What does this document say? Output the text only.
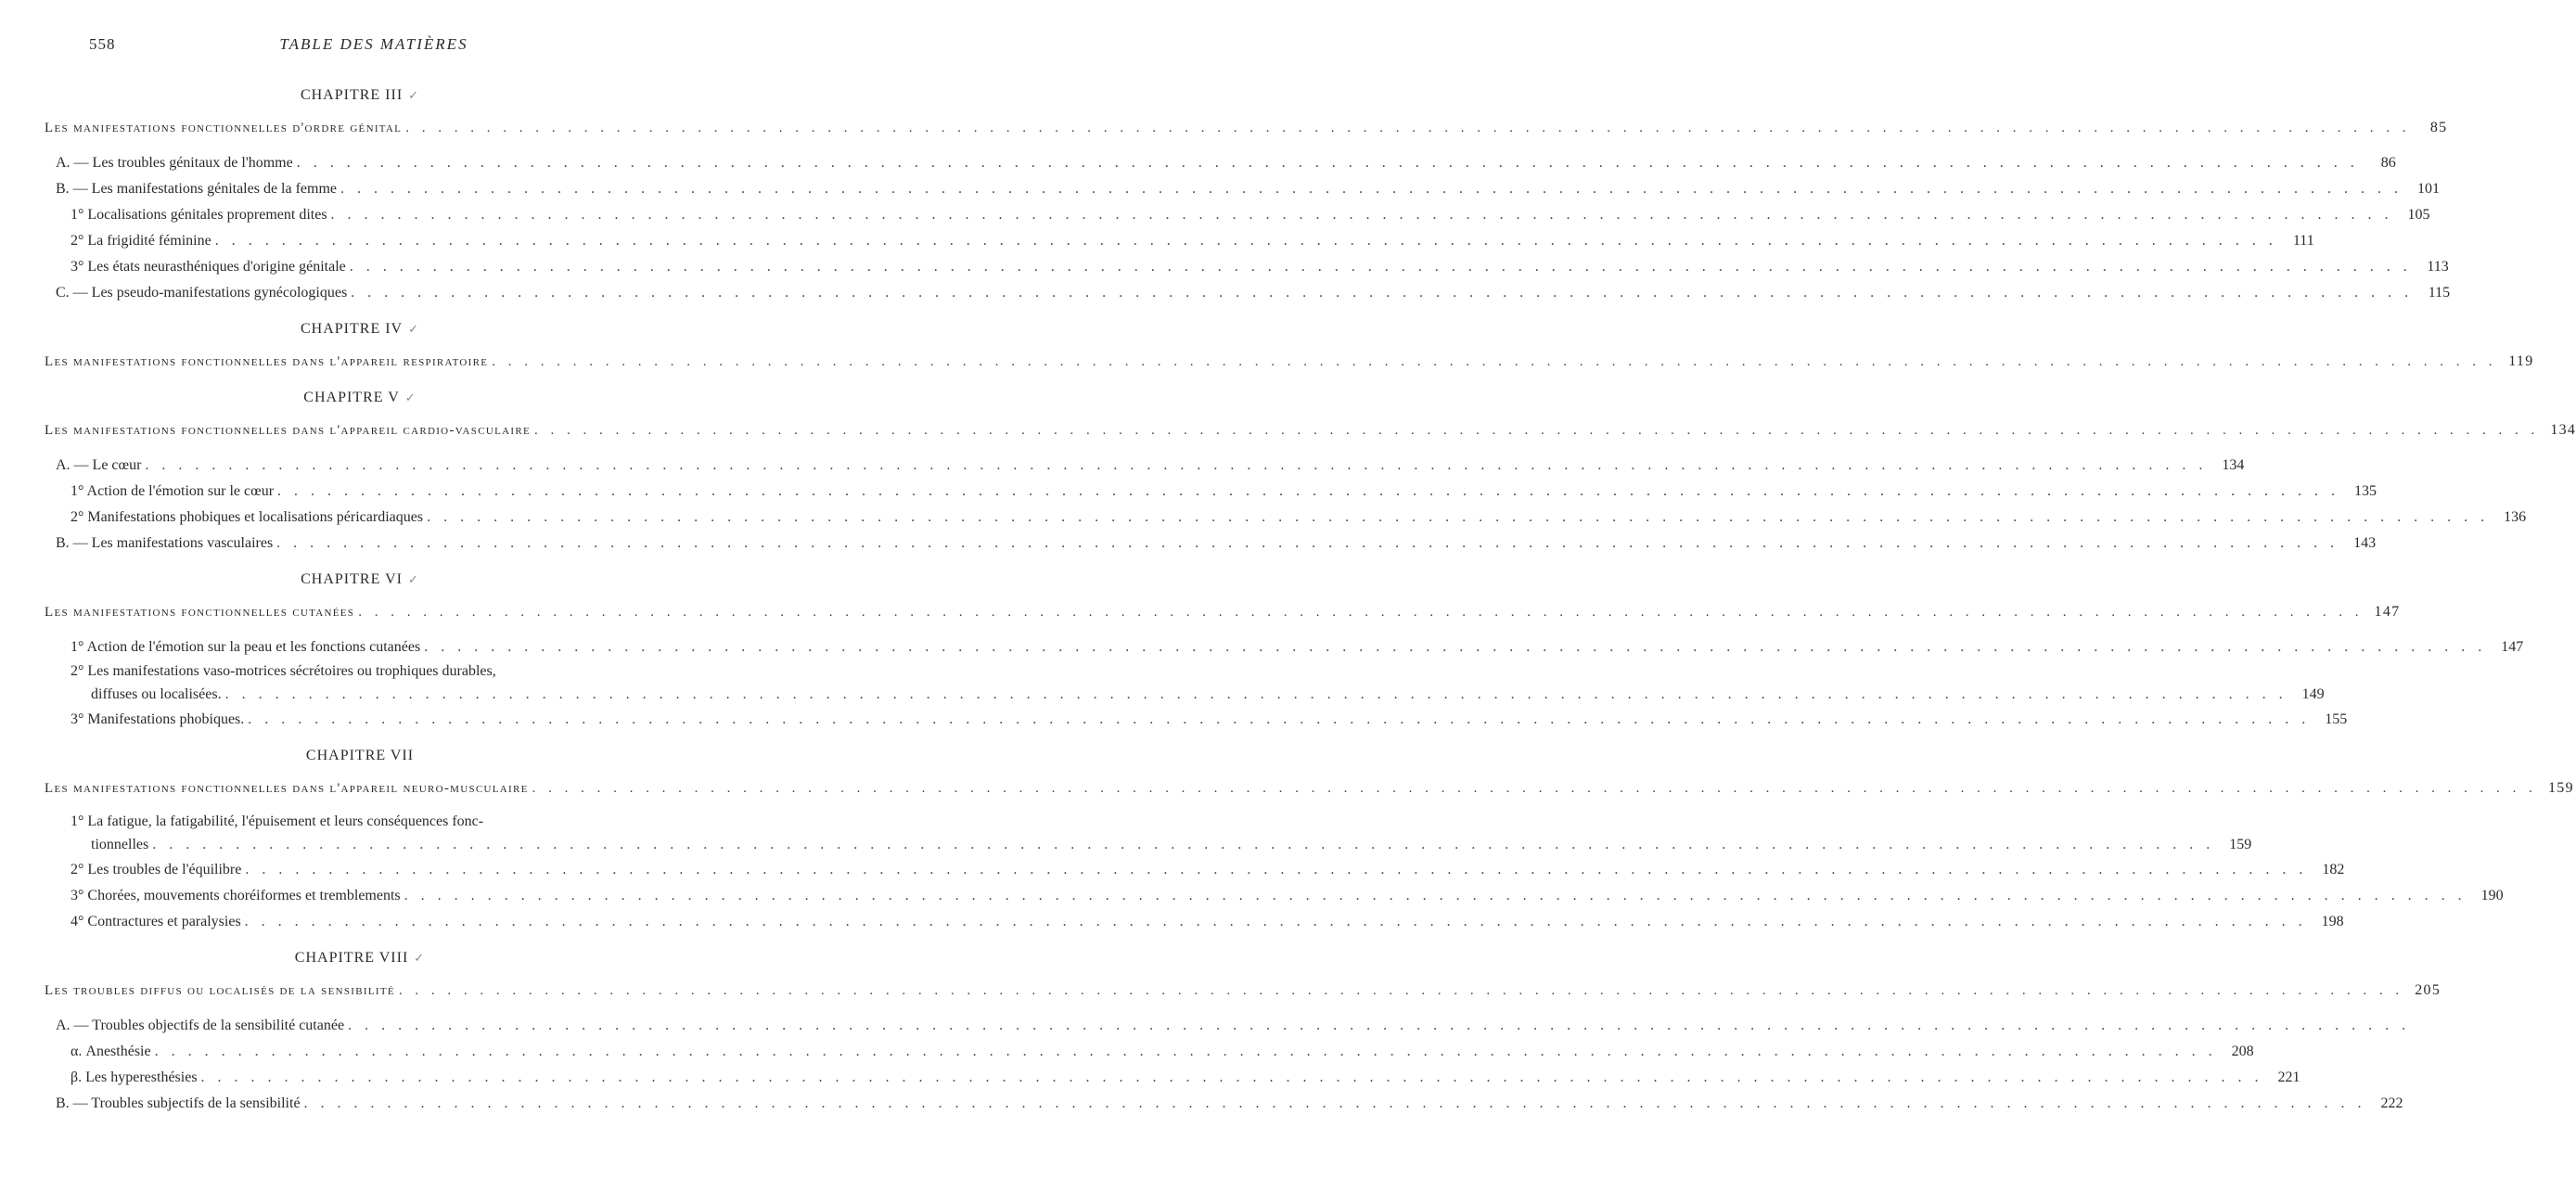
558	TABLE DES MATIÈRES
CHAPITRE III ✓
Les manifestations fonctionnelles d'ordre génital . . .	85
A. — Les troubles génitaux de l'homme . . .	86
B. — Les manifestations génitales de la femme . . .	101
1° Localisations génitales proprement dites . . .	105
2° La frigidité féminine . . .	111
3° Les états neurasthéniques d'origine génitale . . .	113
C. — Les pseudo-manifestations gynécologiques . . .	115
CHAPITRE IV ✓
Les manifestations fonctionnelles dans l'appareil respiratoire . . .	119
CHAPITRE V ✓
Les manifestations fonctionnelles dans l'appareil cardio-vasculaire . . .	134
A. — Le cœur . . .	134
1° Action de l'émotion sur le cœur . . .	135
2° Manifestations phobiques et localisations péricardiaques . . .	136
B. — Les manifestations vasculaires . . .	143
CHAPITRE VI ✓
Les manifestations fonctionnelles cutanées . . .	147
1° Action de l'émotion sur la peau et les fonctions cutanées . . .	147
2° Les manifestations vaso-motrices sécrétoires ou trophiques durables,
diffuses ou localisées. . . .	149
3° Manifestations phobiques. . . .	155
CHAPITRE VII
Les manifestations fonctionnelles dans l'appareil neuro-musculaire . . .	159
1° La fatigue, la fatigabilité, l'épuisement et leurs conséquences fonc-
tionnelles . . .	159
2° Les troubles de l'équilibre . . .	182
3° Chorées, mouvements choréiformes et tremblements . . .	190
4° Contractures et paralysies . . .	198
CHAPITRE VIII ✓
Les troubles diffus ou localisés de la sensibilité . . .	205
A. — Troubles objectifs de la sensibilité cutanée
. . .
α. Anesthésie . . .	208
β. Les hyperesthésies . . .	221
B. — Troubles subjectifs de la sensibilité . . .	222
